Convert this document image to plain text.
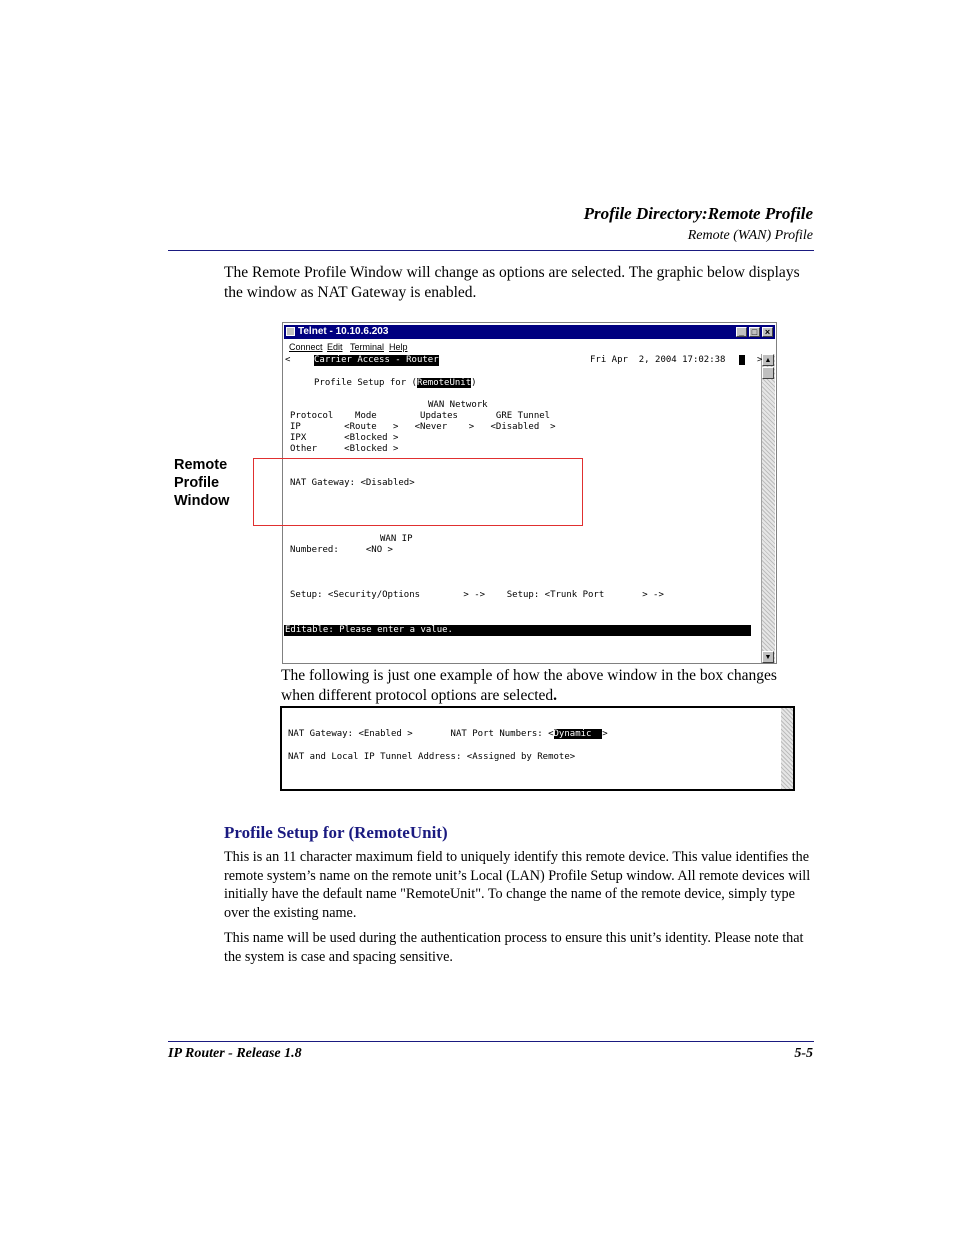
Profile Directory:Remote Profile
Remote (WAN) Profile
The Remote Profile Window will change as options are selected. The graphic below displays the window as NAT Gateway is enabled.
Telnet - 10.10.6.203	_ □ ×
Connect Edit Terminal Help
▲
▼
<	Carrier Access - Router	Fri Apr  2, 2004 17:02:38	>
Profile Setup for (RemoteUnit)
WAN Network
Protocol    Mode        Updates       GRE Tunnel
IP        <Route   >   <Never    >   <Disabled  >
IPX       <Blocked >
Other     <Blocked >
NAT Gateway: <Disabled>
WAN IP
Numbered:     <NO >
Setup: <Security/Options        > ->    Setup: <Trunk Port       > ->
Editable: Please enter a value.
Remote Profile Window
The following is just one example of how the above window in the box changes when different protocol options are selected.
NAT Gateway: <Enabled >       NAT Port Numbers: <Dynamic  >
NAT and Local IP Tunnel Address: <Assigned by Remote>
Profile Setup for (RemoteUnit)
This is an 11 character maximum field to uniquely identify this remote device. This value identifies the remote system’s name on the remote unit’s Local (LAN) Profile Setup window. All remote devices will initially have the default name "RemoteUnit". To change the name of the remote device, simply type over the existing name.
This name will be used during the authentication process to ensure this unit’s identity. Please note that the system is case and spacing sensitive.
IP Router - Release 1.8	5-5
